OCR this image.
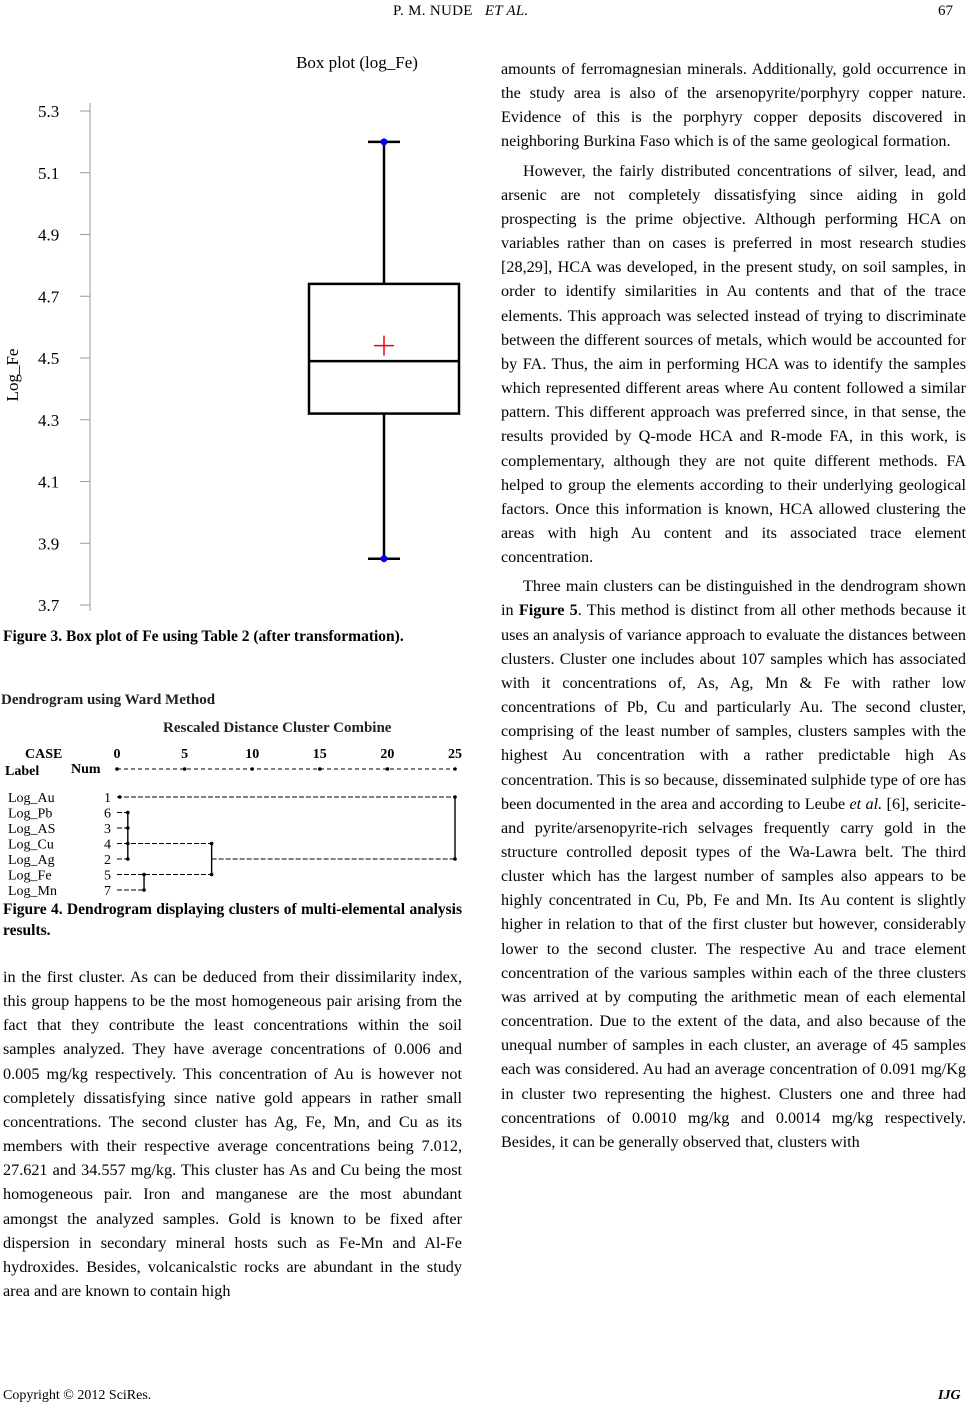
P. M. NUDE ET AL.	67
Box plot (log_Fe)
Log_Fe
3.7
3.9
4.1
4.3
4.5
4.7
4.9
5.1
5.3
Figure 3. Box plot of Fe using Table 2 (after transformation).
Dendrogram using Ward Method
Rescaled Distance Cluster Combine
CASE
Label Num
0	5	10	15	20	25
Log_Au	1
Log_Pb	6
Log_AS	3
Log_Cu	4
Log_Ag	2
Log_Fe	5
Log_Mn	7
Figure 4. Dendrogram displaying clusters of multi-elemental analysis results.

in the first cluster. As can be deduced from their dissimilarity index, this group happens to be the most homogeneous pair arising from the fact that they contribute the least concentrations within the soil samples analyzed. They have average concentrations of 0.006 and 0.005 mg/kg respectively. This concentration of Au is however not completely dissatisfying since native gold appears in rather small concentrations. The second cluster has Ag, Fe, Mn, and Cu as its members with their respective average concentrations being 7.012, 27.621 and 34.557 mg/kg. This cluster has As and Cu being the most homogeneous pair. Iron and manganese are the most abundant amongst the analyzed samples. Gold is known to be fixed after dispersion in secondary mineral hosts such as Fe-Mn and Al-Fe hydroxides. Besides, volcanicalstic rocks are abundant in the study area and are known to contain high

amounts of ferromagnesian minerals. Additionally, gold occurrence in the study area is also of the arsenopyrite/porphyry copper nature. Evidence of this is the porphyry copper deposits discovered in neighboring Burkina Faso which is of the same geological formation.

However, the fairly distributed concentrations of silver, lead, and arsenic are not completely dissatisfying since aiding in gold prospecting is the prime objective. Although performing HCA on variables rather than on cases is preferred in most research studies [28,29], HCA was developed, in the present study, on soil samples, in order to identify similarities in Au contents and that of the trace elements. This approach was selected instead of trying to discriminate between the different sources of metals, which would be accounted for by FA. Thus, the aim in performing HCA was to identify the samples which represented different areas where Au content followed a similar pattern. This different approach was preferred since, in that sense, the results provided by Q-mode HCA and R-mode FA, in this work, is complementary, although they are not quite different methods. FA helped to group the elements according to their underlying geological factors. Once this information is known, HCA allowed clustering the areas with high Au content and its associated trace element concentration.

Three main clusters can be distinguished in the dendrogram shown in Figure 5. This method is distinct from all other methods because it uses an analysis of variance approach to evaluate the distances between clusters. Cluster one includes about 107 samples which has associated with it concentrations of, As, Ag, Mn & Fe with rather low concentrations of Pb, Cu and particularly Au. The second cluster, comprising of the least number of samples, clusters samples with the highest Au concentration with a rather predictable high As concentration. This is so because, disseminated sulphide type of ore has been documented in the area and according to Leube et al. [6], sericite- and pyrite/arsenopyrite-rich selvages frequently carry gold in the structure controlled deposit types of the Wa-Lawra belt. The third cluster which has the largest number of samples also appears to be highly concentrated in Cu, Pb, Fe and Mn. Its Au content is slightly higher in relation to that of the first cluster but however, considerably lower to the second cluster. The respective Au and trace element concentration of the various samples within each of the three clusters was arrived at by computing the arithmetic mean of each elemental concentration. Due to the extent of the data, and also because of the unequal number of samples in each cluster, an average of 45 samples each was considered. Au had an average concentration of 0.091 mg/Kg in cluster two representing the highest. Clusters one and three had concentrations of 0.0010 mg/kg and 0.0014 mg/kg respectively. Besides, it can be generally observed that, clusters with

Copyright © 2012 SciRes.	IJG
